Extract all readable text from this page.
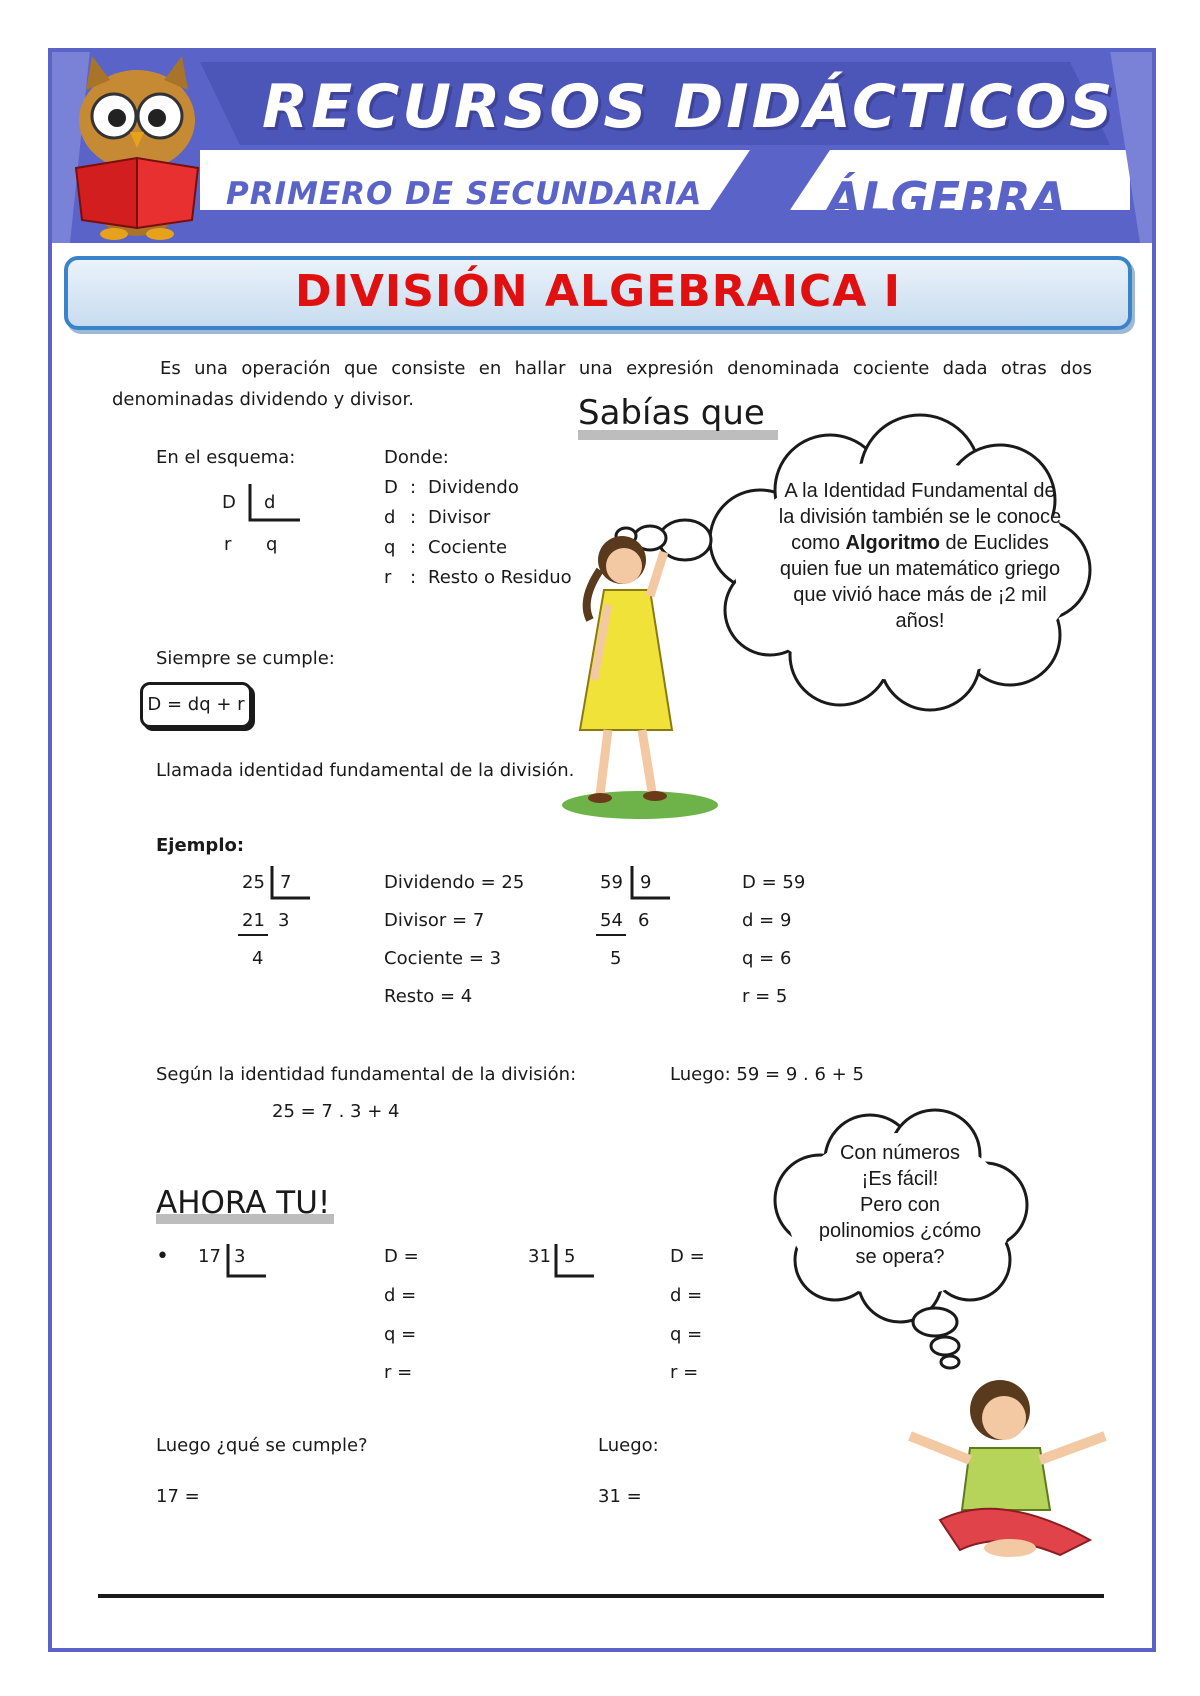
RECURSOS DIDÁCTICOS
PRIMERO DE SECUNDARIA	ÁLGEBRA
DIVISIÓN ALGEBRAICA I
Es una operación que consiste en hallar una expresión denominada cociente dada otras dos denominadas dividendo y divisor.	Sabías que
A la Identidad Fundamental de la división también se le conoce como Algoritmo de Euclides quien fue un matemático griego que vivió hace más de ¡2 mil años!
En el esquema:
D d
r q
Donde:
D : Dividendo
d : Divisor
q : Cociente
r : Resto o Residuo
Siempre se cumple:
D = dq + r
Llamada identidad fundamental de la división.
Ejemplo:
25 7
21 3
4
Dividendo = 25
Divisor = 7
Cociente = 3
Resto = 4
59 9
54 6
5
D = 59
d = 9
q = 6
r = 5
Según la identidad fundamental de la división:
25 = 7 . 3 + 4
Luego: 59 = 9 . 6 + 5
AHORA TU!
• 17 3	D =
d =
q =
r =
31 5	D =
d =
q =
r =
Luego ¿qué se cumple?	Luego:
17 =	31 =
Con números
¡Es fácil!
Pero con
polinomios ¿cómo
se opera?
